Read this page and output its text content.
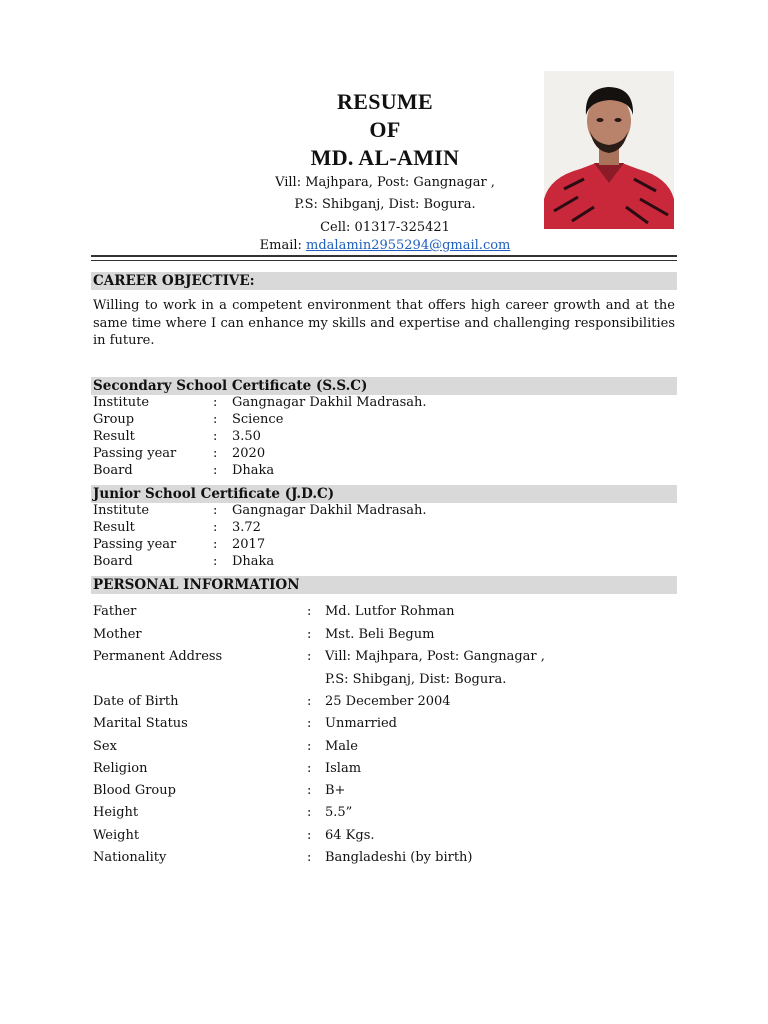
RESUME
OF
MD. AL-AMIN
Vill: Majhpara, Post: Gangnagar ,
P.S: Shibganj, Dist: Bogura.
Cell: 01317-325421
Email: mdalamin2955294@gmail.com
CAREER OBJECTIVE:
Willing to work in a competent environment that offers high career growth and at the same time where I can enhance my skills and expertise and challenging responsibilities in future.
Secondary School Certificate (S.S.C)
Institute	: Gangnagar Dakhil Madrasah.
Group	: Science
Result	: 3.50
Passing year	: 2020
Board	: Dhaka
Junior School Certificate (J.D.C)
Institute	: Gangnagar Dakhil Madrasah.
Result	: 3.72
Passing year	: 2017
Board	: Dhaka
PERSONAL INFORMATION
Father	: Md. Lutfor Rohman
Mother	: Mst. Beli Begum
Permanent Address	: Vill: Majhpara, Post: Gangnagar ,
P.S: Shibganj, Dist: Bogura.
Date of Birth	: 25 December 2004
Marital Status	: Unmarried
Sex	: Male
Religion	: Islam
Blood Group	: B+
Height	: 5.5”
Weight	: 64 Kgs.
Nationality	: Bangladeshi (by birth)
